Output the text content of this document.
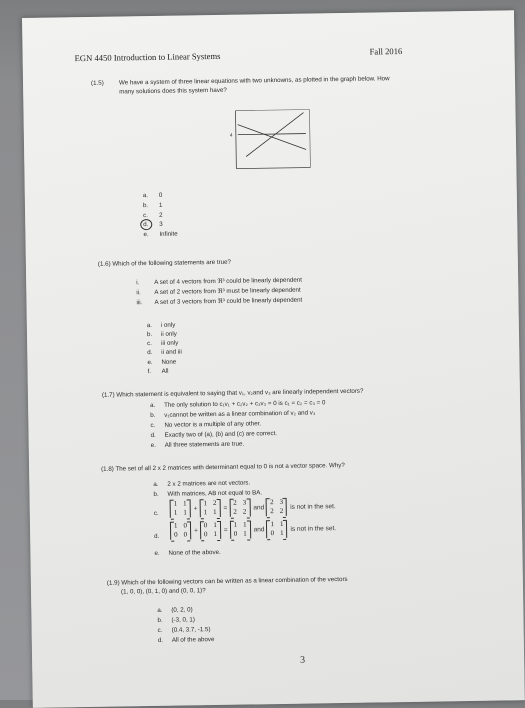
EGN 4450 Introduction to Linear Systems	Fall 2016
(1.5) We have a system of three linear equations with two unknowns, as plotted in the graph below. How
many solutions does this system have?
4
a. 0
b. 1
c. 2
d. 3
e. Infinite
(1.6) Which of the following statements are true?
i. A set of 4 vectors from ℜ³ could be linearly dependent
ii. A set of 2 vectors from ℜ³ must be linearly dependent
iii. A set of 3 vectors from ℜ³ could be linearly dependent
a. i only
b. ii only
c. iii only
d. ii and iii
e. None
f. All
(1.7) Which statement is equivalent to saying that v₁, v₂and v₃ are linearly independent vectors?
a. The only solution to c₁v₁ + c₂v₂ + c₃v₃ = 0 is c₁ = c₂ = c₃ = 0
b. v₁cannot be written as a linear combination of v₂ and v₃
c. No vector is a multiple of any other.
d. Exactly two of (a), (b) and (c) are correct.
e. All three statements are true.
(1.8) The set of all 2 x 2 matrices with determinant equal to 0 is not a vector space. Why?
a. 2 x 2 matrices are not vectors.
b. With matrices, AB not equal to BA.
c.
1 1
1 1
+
1 2
1 1
=
2 3
2 2
and
2 3
2 2
is not in the set.
d.
1 0
0 0
+
0 1
0 1
=
1 1
0 1
and
1 1
0 1
is not in the set.
e. None of the above.
(1.9) Which of the following vectors can be written as a linear combination of the vectors
(1, 0, 0), (0, 1, 0) and (0, 0, 1)?
a. (0, 2, 0)
b. (-3, 0, 1)
c. (0.4, 3.7, -1.5)
d. All of the above
3
